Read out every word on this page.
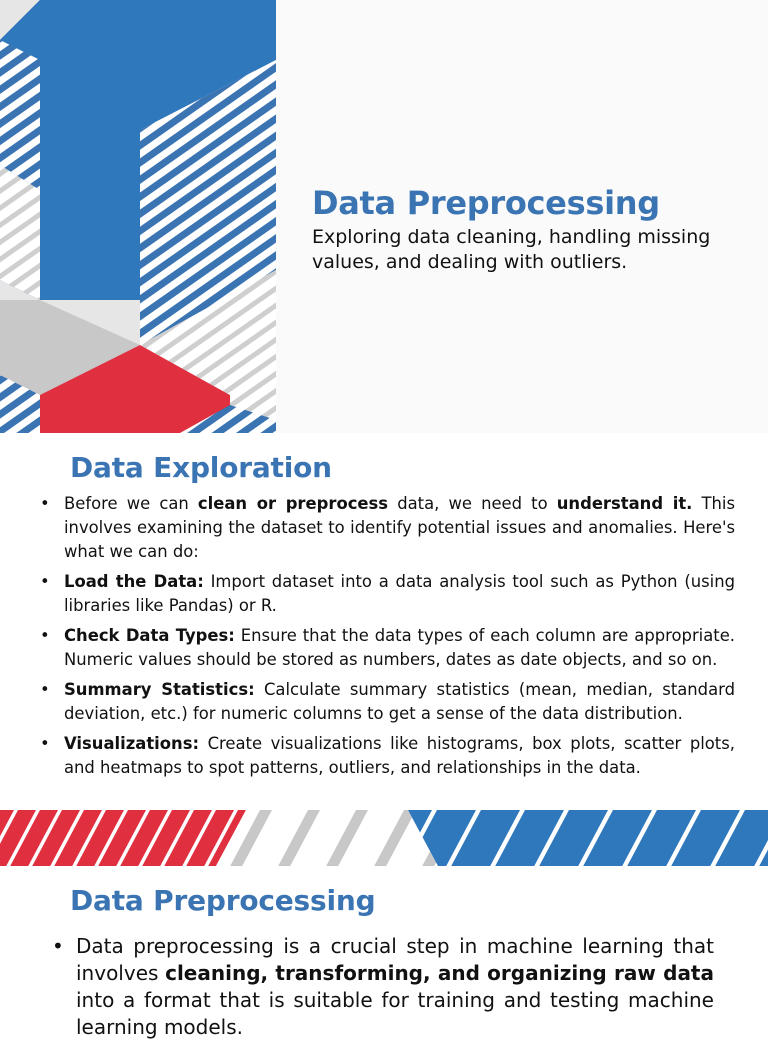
Data Preprocessing
Exploring data cleaning, handling missing values, and dealing with outliers.
Data Exploration
• Before we can clean or preprocess data, we need to understand it. This involves examining the dataset to identify potential issues and anomalies. Here's what we can do:
• Load the Data: Import dataset into a data analysis tool such as Python (using libraries like Pandas) or R.
• Check Data Types: Ensure that the data types of each column are appropriate. Numeric values should be stored as numbers, dates as date objects, and so on.
• Summary Statistics: Calculate summary statistics (mean, median, standard deviation, etc.) for numeric columns to get a sense of the data distribution.
• Visualizations: Create visualizations like histograms, box plots, scatter plots, and heatmaps to spot patterns, outliers, and relationships in the data.
Data Preprocessing
• Data preprocessing is a crucial step in machine learning that involves cleaning, transforming, and organizing raw data into a format that is suitable for training and testing machine learning models.
